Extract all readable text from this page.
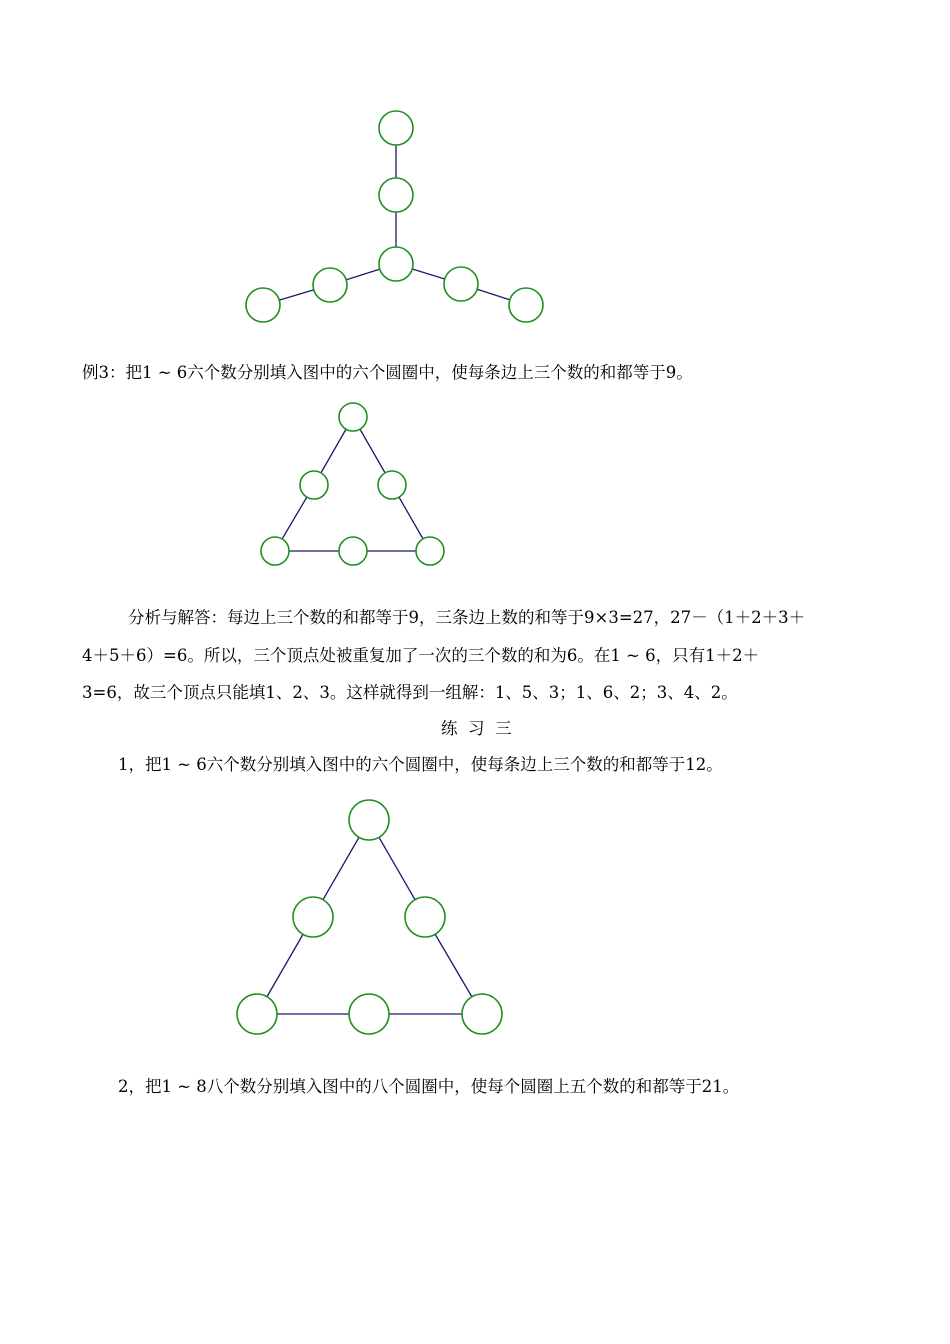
例3：把1 ~ 6六个数分别填入图中的六个圆圈中，使每条边上三个数的和都等于9。
分析与解答：每边上三个数的和都等于9，三条边上数的和等于9×3=27，27－（1＋2＋3＋
4＋5＋6）=6。所以，三个顶点处被重复加了一次的三个数的和为6。在1 ~ 6，只有1＋2＋
3=6，故三个顶点只能填1、2、3。这样就得到一组解：1、5、3；1、6、2；3、4、2。
练  习  三
1，把1 ~ 6六个数分别填入图中的六个圆圈中，使每条边上三个数的和都等于12。
2，把1 ~ 8八个数分别填入图中的八个圆圈中，使每个圆圈上五个数的和都等于21。
